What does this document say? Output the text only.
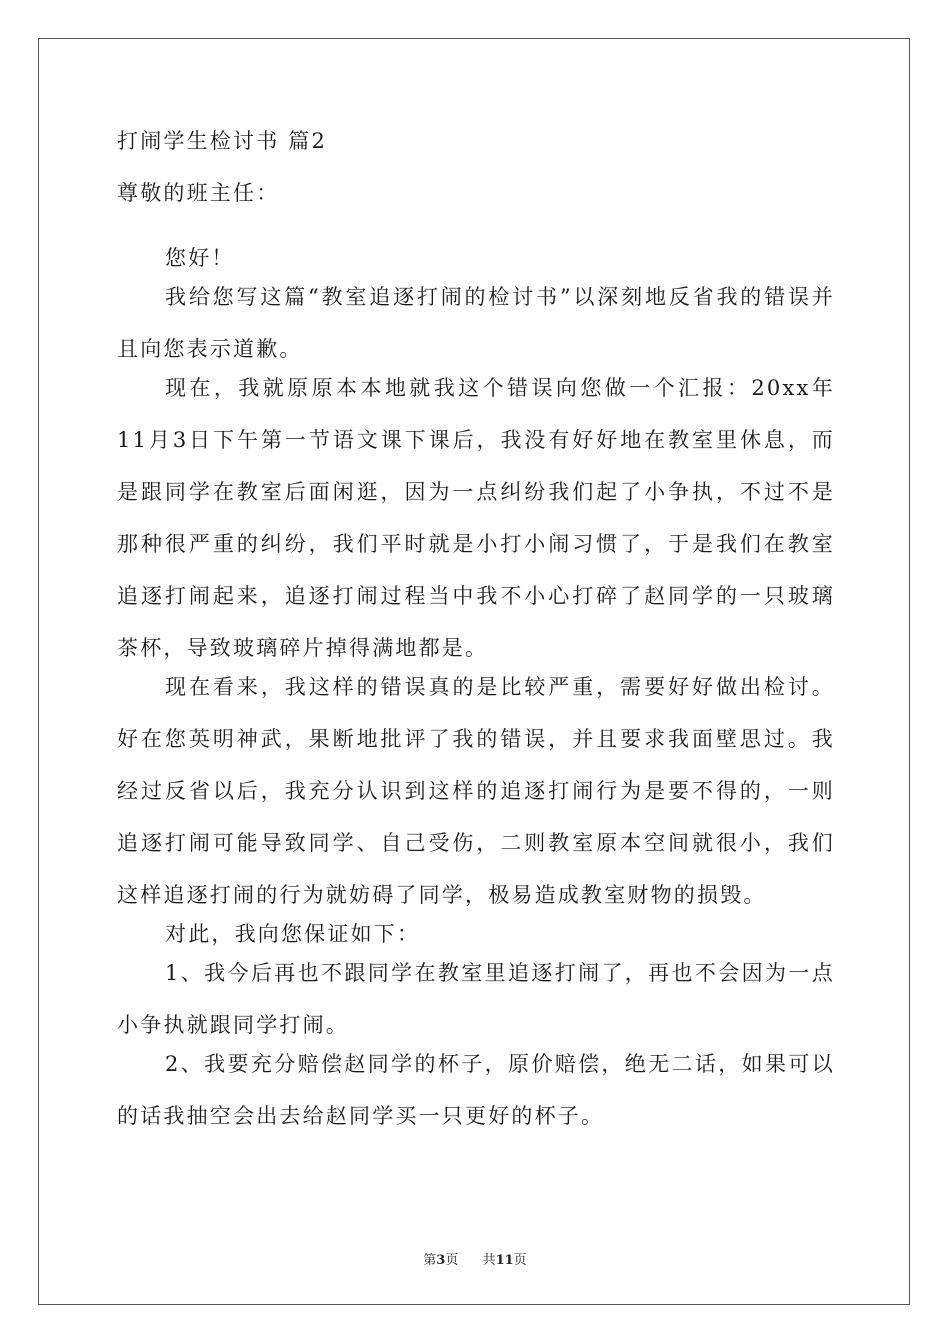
打闹学生检讨书 篇2

尊敬的班主任：

您好！

我给您写这篇“教室追逐打闹的检讨书”以深刻地反省我的错误并且向您表示道歉。

现在，我就原原本本地就我这个错误向您做一个汇报：20xx年11月3日下午第一节语文课下课后，我没有好好地在教室里休息，而是跟同学在教室后面闲逛，因为一点纠纷我们起了小争执，不过不是那种很严重的纠纷，我们平时就是小打小闹习惯了，于是我们在教室追逐打闹起来，追逐打闹过程当中我不小心打碎了赵同学的一只玻璃茶杯，导致玻璃碎片掉得满地都是。

现在看来，我这样的错误真的是比较严重，需要好好做出检讨。好在您英明神武，果断地批评了我的错误，并且要求我面壁思过。我经过反省以后，我充分认识到这样的追逐打闹行为是要不得的，一则追逐打闹可能导致同学、自己受伤，二则教室原本空间就很小，我们这样追逐打闹的行为就妨碍了同学，极易造成教室财物的损毁。

对此，我向您保证如下：

1、我今后再也不跟同学在教室里追逐打闹了，再也不会因为一点小争执就跟同学打闹。

2、我要充分赔偿赵同学的杯子，原价赔偿，绝无二话，如果可以的话我抽空会出去给赵同学买一只更好的杯子。

第3页 共11页
